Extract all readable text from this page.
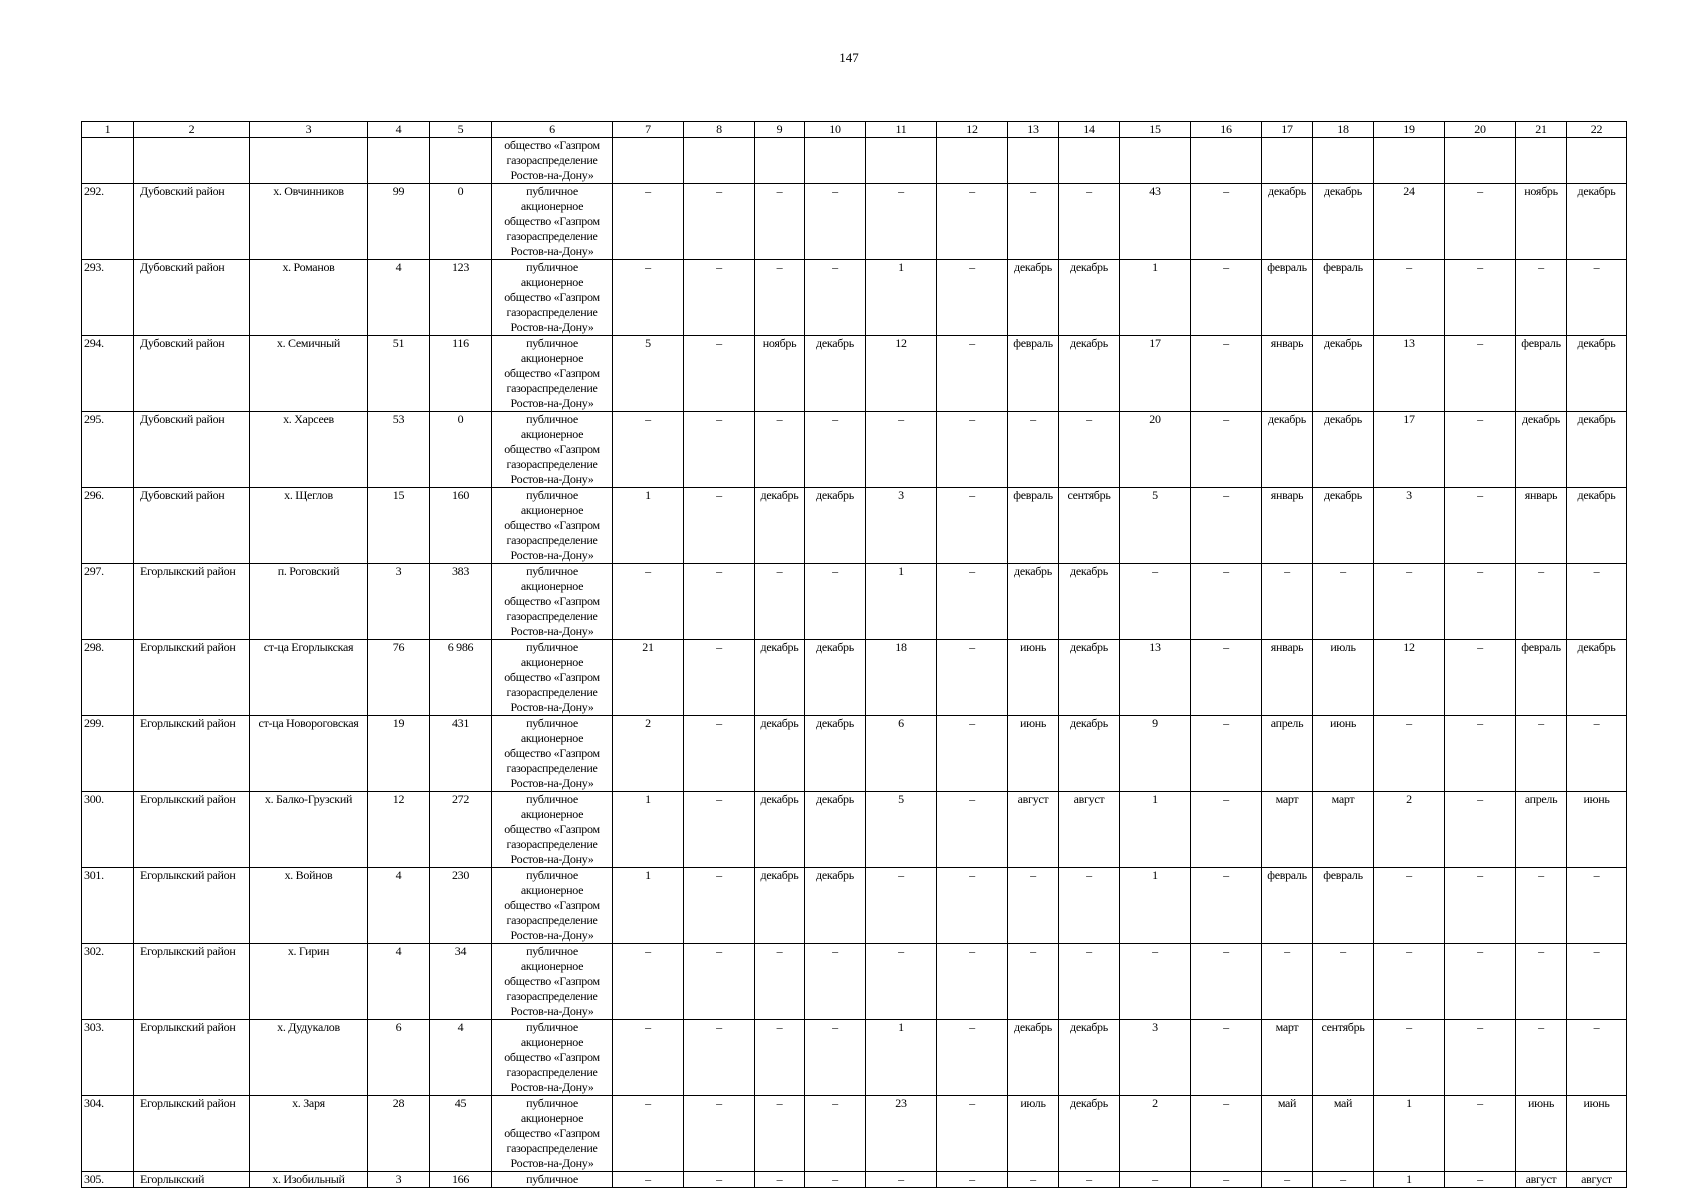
147
1	2	3	4	5	6	7	8	9	10	11	12	13	14	15	16	17	18	19	20	21	22

					общество «Газпром
газораспределение
Ростов-на-Дону»																

292.	Дубовский район	х. Овчинников	99	0	публичное
акционерное
общество «Газпром
газораспределение
Ростов-на-Дону»	–	–	–	–	–	–	–	–	43	–	декабрь	декабрь	24	–	ноябрь	декабрь
293.	Дубовский район	х. Романов	4	123	публичное
акционерное
общество «Газпром
газораспределение
Ростов-на-Дону»	–	–	–	–	1	–	декабрь	декабрь	1	–	февраль	февраль	–	–	–	–
294.	Дубовский район	х. Семичный	51	116	публичное
акционерное
общество «Газпром
газораспределение
Ростов-на-Дону»	5	–	ноябрь	декабрь	12	–	февраль	декабрь	17	–	январь	декабрь	13	–	февраль	декабрь
295.	Дубовский район	х. Харсеев	53	0	публичное
акционерное
общество «Газпром
газораспределение
Ростов-на-Дону»	–	–	–	–	–	–	–	–	20	–	декабрь	декабрь	17	–	декабрь	декабрь
296.	Дубовский район	х. Щеглов	15	160	публичное
акционерное
общество «Газпром
газораспределение
Ростов-на-Дону»	1	–	декабрь	декабрь	3	–	февраль	сентябрь	5	–	январь	декабрь	3	–	январь	декабрь
297.	Егорлыкский район	п. Роговский	3	383	публичное
акционерное
общество «Газпром
газораспределение
Ростов-на-Дону»	–	–	–	–	1	–	декабрь	декабрь	–	–	–	–	–	–	–	–
298.	Егорлыкский район	ст-ца Егорлыкская	76	6 986	публичное
акционерное
общество «Газпром
газораспределение
Ростов-на-Дону»	21	–	декабрь	декабрь	18	–	июнь	декабрь	13	–	январь	июль	12	–	февраль	декабрь
299.	Егорлыкский район	ст-ца Новороговская	19	431	публичное
акционерное
общество «Газпром
газораспределение
Ростов-на-Дону»	2	–	декабрь	декабрь	6	–	июнь	декабрь	9	–	апрель	июнь	–	–	–	–
300.	Егорлыкский район	х. Балко-Грузский	12	272	публичное
акционерное
общество «Газпром
газораспределение
Ростов-на-Дону»	1	–	декабрь	декабрь	5	–	август	август	1	–	март	март	2	–	апрель	июнь
301.	Егорлыкский район	х. Войнов	4	230	публичное
акционерное
общество «Газпром
газораспределение
Ростов-на-Дону»	1	–	декабрь	декабрь	–	–	–	–	1	–	февраль	февраль	–	–	–	–
302.	Егорлыкский район	х. Гирин	4	34	публичное
акционерное
общество «Газпром
газораспределение
Ростов-на-Дону»	–	–	–	–	–	–	–	–	–	–	–	–	–	–	–	–
303.	Егорлыкский район	х. Дудукалов	6	4	публичное
акционерное
общество «Газпром
газораспределение
Ростов-на-Дону»	–	–	–	–	1	–	декабрь	декабрь	3	–	март	сентябрь	–	–	–	–
304.	Егорлыкский район	х. Заря	28	45	публичное
акционерное
общество «Газпром
газораспределение
Ростов-на-Дону»	–	–	–	–	23	–	июль	декабрь	2	–	май	май	1	–	июнь	июнь
305.	Егорлыкский	х. Изобильный	3	166	публичное	–	–	–	–	–	–	–	–	–	–	–	–	1	–	август	август
